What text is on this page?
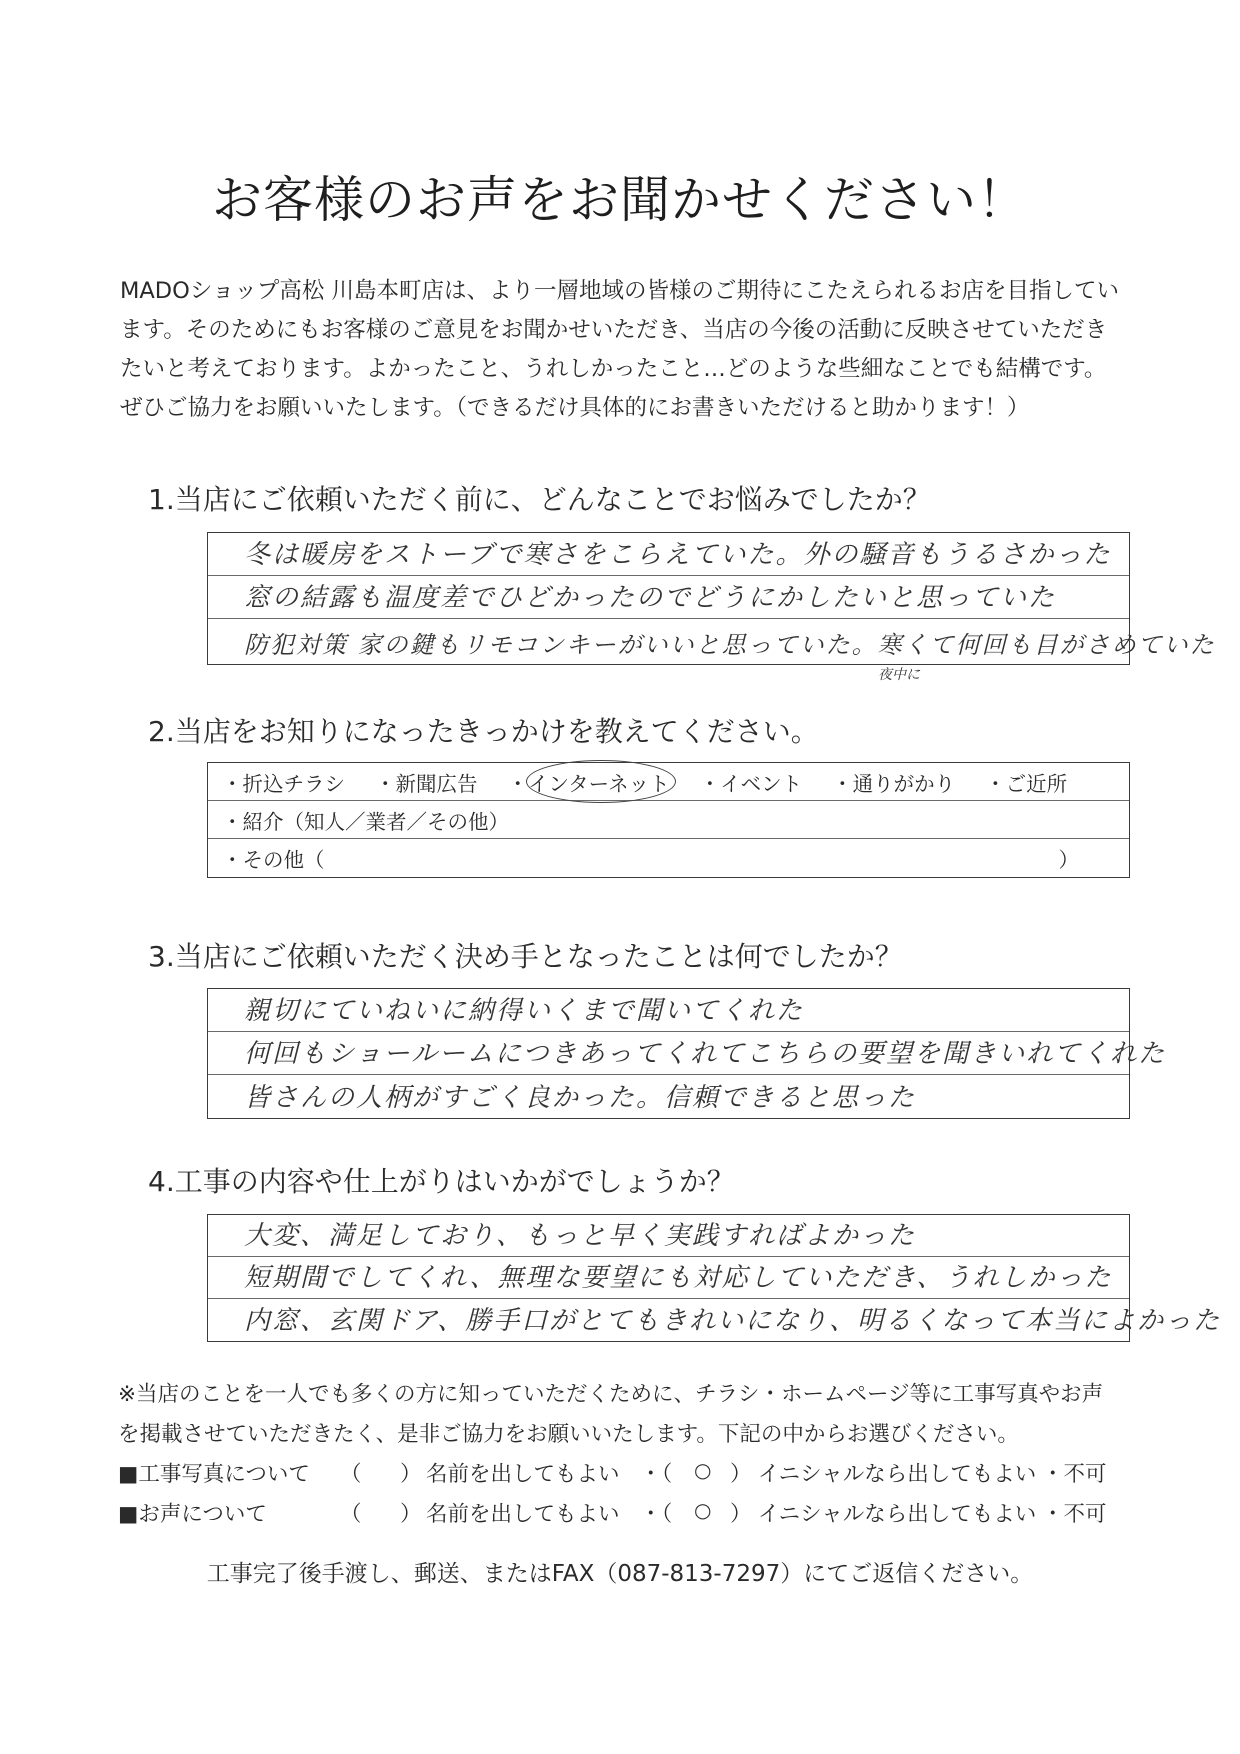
お客様のお声をお聞かせください！
MADOショップ高松 川島本町店は、より一層地域の皆様のご期待にこたえられるお店を目指してい
ます。そのためにもお客様のご意見をお聞かせいただき、当店の今後の活動に反映させていただき
たいと考えております。よかったこと、うれしかったこと…どのような些細なことでも結構です。
ぜひご協力をお願いいたします。（できるだけ具体的にお書きいただけると助かります！）
1.当店にご依頼いただく前に、どんなことでお悩みでしたか？
冬は暖房をストーブで寒さをこらえていた。外の騒音もうるさかった
窓の結露も温度差でひどかったのでどうにかしたいと思っていた
防犯対策 家の鍵もリモコンキーがいいと思っていた。寒くて何回も目がさめていた
夜中に
2.当店をお知りになったきっかけを教えてください。
・折込チラシ ・新聞広告 ・インターネット ・イベント ・通りがかり ・ご近所
・紹介（知人／業者／その他）
・その他（	）
3.当店にご依頼いただく決め手となったことは何でしたか？
親切にていねいに納得いくまで聞いてくれた
何回もショールームにつきあってくれてこちらの要望を聞きいれてくれた
皆さんの人柄がすごく良かった。信頼できると思った
4.工事の内容や仕上がりはいかがでしょうか？
大変、満足しており、もっと早く実践すればよかった
短期間でしてくれ、無理な要望にも対応していただき、うれしかった
内窓、玄関ドア、勝手口がとてもきれいになり、明るくなって本当によかった
※当店のことを一人でも多くの方に知っていただくために、チラシ・ホームページ等に工事写真やお声
を掲載させていただきたく、是非ご協力をお願いいたします。下記の中からお選びください。
■工事写真について （ ） 名前を出してもよい ・（ ○ ） イニシャルなら出してもよい ・不可
■お声について	（ ） 名前を出してもよい ・（ ○ ） イニシャルなら出してもよい ・不可
工事完了後手渡し、郵送、またはFAX（087-813-7297）にてご返信ください。
